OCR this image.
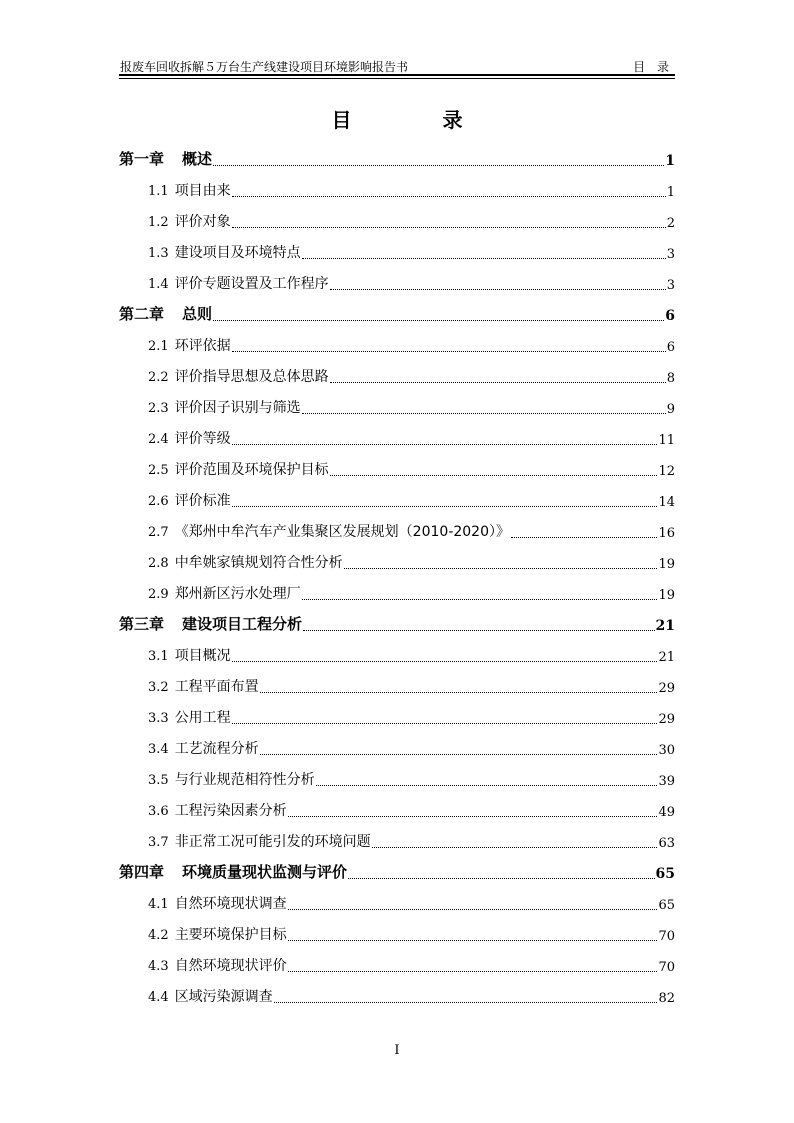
报废车回收拆解５万台生产线建设项目环境影响报告书	目 录
目 录
第一章 概述	1
1.1 项目由来	1
1.2 评价对象	2
1.3 建设项目及环境特点	3
1.4 评价专题设置及工作程序	3
第二章 总则	6
2.1 环评依据	6
2.2 评价指导思想及总体思路	8
2.3 评价因子识别与筛选	9
2.4 评价等级	11
2.5 评价范围及环境保护目标	12
2.6 评价标准	14
2.7 《郑州中牟汽车产业集聚区发展规划（2010-2020）》	16
2.8 中牟姚家镇规划符合性分析	19
2.9 郑州新区污水处理厂	19
第三章 建设项目工程分析	21
3.1 项目概况	21
3.2 工程平面布置	29
3.3 公用工程	29
3.4 工艺流程分析	30
3.5 与行业规范相符性分析	39
3.6 工程污染因素分析	49
3.7 非正常工况可能引发的环境问题	63
第四章 环境质量现状监测与评价	65
4.1 自然环境现状调查	65
4.2 主要环境保护目标	70
4.3 自然环境现状评价	70
4.4 区域污染源调查	82
I
